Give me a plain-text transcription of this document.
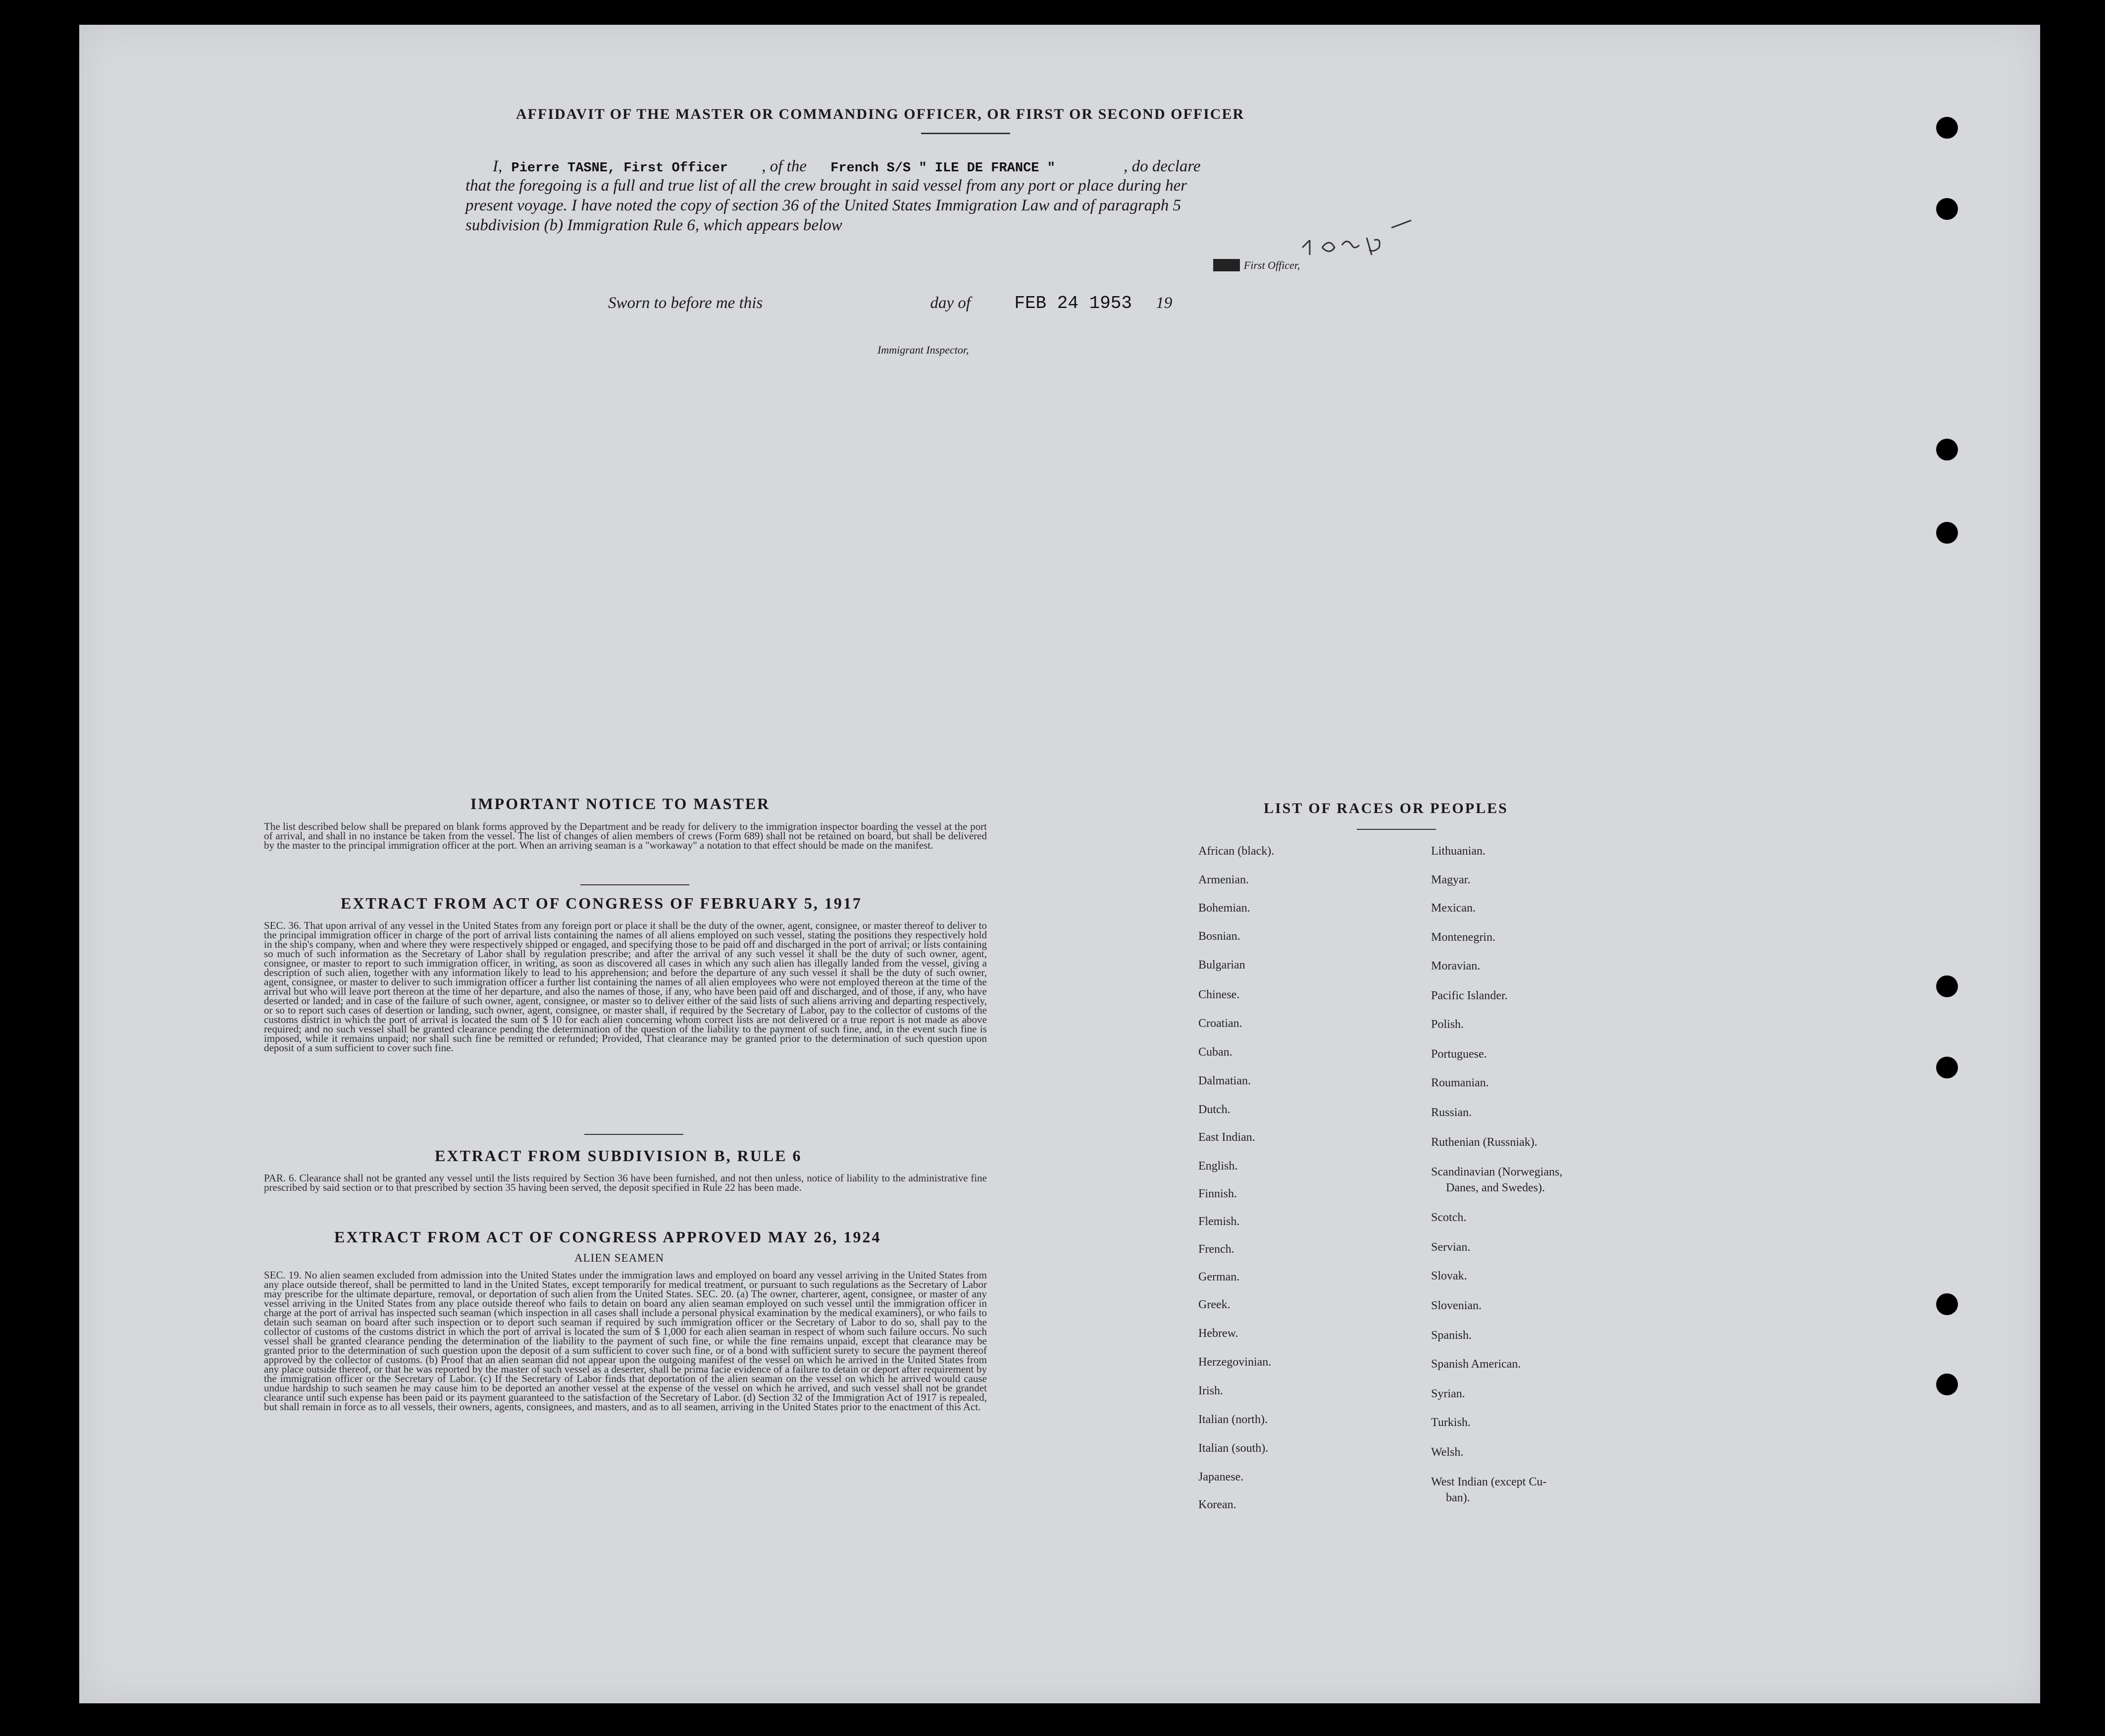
AFFIDAVIT OF THE MASTER OR COMMANDING OFFICER, OR FIRST OR SECOND OFFICER
I, Pierre TASNE, First Officer , of the French S/S " ILE DE FRANCE "	, do declare
that the foregoing is a full and true list of all the crew brought in said vessel from any port or place during her
present voyage. I have noted the copy of section 36 of the United States Immigration Law and of paragraph 5
subdivision (b) Immigration Rule 6, which appears below
XXXX First Officer,
Sworn to before me this	day of FEB 24 1953 19
Immigrant Inspector,
IMPORTANT NOTICE TO MASTER
The list described below shall be prepared on blank forms approved by the Department and be ready for delivery to the immigration inspector boarding the vessel at the port of arrival, and shall in no instance be taken from the vessel. The list of changes of alien members of crews (Form 689) shall not be retained on board, but shall be delivered by the master to the principal immigration officer at the port. When an arriving seaman is a "workaway" a notation to that effect should be made on the manifest.
EXTRACT FROM ACT OF CONGRESS OF FEBRUARY 5, 1917
SEC. 36. That upon arrival of any vessel in the United States from any foreign port or place it shall be the duty of the owner, agent, consignee, or master thereof to deliver to the principal immigration officer in charge of the port of arrival lists containing the names of all aliens employed on such vessel, stating the positions they respectively hold in the ship's company, when and where they were respectively shipped or engaged, and specifying those to be paid off and discharged in the port of arrival; or lists containing so much of such information as the Secretary of Labor shall by regulation prescribe; and after the arrival of any such vessel it shall be the duty of such owner, agent, consignee, or master to report to such immigration officer, in writing, as soon as discovered all cases in which any such alien has illegally landed from the vessel, giving a description of such alien, together with any information likely to lead to his apprehension; and before the departure of any such vessel it shall be the duty of such owner, agent, consignee, or master to deliver to such immigration officer a further list containing the names of all alien employees who were not employed thereon at the time of the arrival but who will leave port thereon at the time of her departure, and also the names of those, if any, who have been paid off and discharged, and of those, if any, who have deserted or landed; and in case of the failure of such owner, agent, consignee, or master so to deliver either of the said lists of such aliens arriving and departing respectively, or so to report such cases of desertion or landing, such owner, agent, consignee, or master shall, if required by the Secretary of Labor, pay to the collector of customs of the customs district in which the port of arrival is located the sum of $ 10 for each alien concerning whom correct lists are not delivered or a true report is not made as above required; and no such vessel shall be granted clearance pending the determination of the question of the liability to the payment of such fine, and, in the event such fine is imposed, while it remains unpaid; nor shall such fine be remitted or refunded; Provided, That clearance may be granted prior to the determination of such question upon deposit of a sum sufficient to cover such fine.
EXTRACT FROM SUBDIVISION B, RULE 6
PAR. 6. Clearance shall not be granted any vessel until the lists required by Section 36 have been furnished, and not then unless, notice of liability to the administrative fine prescribed by said section or to that prescribed by section 35 having been served, the deposit specified in Rule 22 has been made.
EXTRACT FROM ACT OF CONGRESS APPROVED MAY 26, 1924
ALIEN SEAMEN
SEC. 19. No alien seamen excluded from admission into the United States under the immigration laws and employed on board any vessel arriving in the United States from any place outside thereof, shall be permitted to land in the United States, except temporarily for medical treatment, or pursuant to such regulations as the Secretary of Labor may prescribe for the ultimate departure, removal, or deportation of such alien from the United States. SEC. 20. (a) The owner, charterer, agent, consignee, or master of any vessel arriving in the United States from any place outside thereof who fails to detain on board any alien seaman employed on such vessel until the immigration officer in charge at the port of arrival has inspected such seaman (which inspection in all cases shall include a personal physical examination by the medical examiners), or who fails to detain such seaman on board after such inspection or to deport such seaman if required by such immigration officer or the Secretary of Labor to do so, shall pay to the collector of customs of the customs district in which the port of arrival is located the sum of $ 1,000 for each alien seaman in respect of whom such failure occurs. No such vessel shall be granted clearance pending the determination of the liability to the payment of such fine, or while the fine remains unpaid, except that clearance may be granted prior to the determination of such question upon the deposit of a sum sufficient to cover such fine, or of a bond with sufficient surety to secure the payment thereof approved by the collector of customs. (b) Proof that an alien seaman did not appear upon the outgoing manifest of the vessel on which he arrived in the United States from any place outside thereof, or that he was reported by the master of such vessel as a deserter, shall be prima facie evidence of a failure to detain or deport after requirement by the immigration officer or the Secretary of Labor. (c) If the Secretary of Labor finds that deportation of the alien seaman on the vessel on which he arrived would cause undue hardship to such seamen he may cause him to be deported an another vessel at the expense of the vessel on which he arrived, and such vessel shall not be grandet clearance until such expense has been paid or its payment guaranteed to the satisfaction of the Secretary of Labor. (d) Section 32 of the Immigration Act of 1917 is repealed, but shall remain in force as to all vessels, their owners, agents, consignees, and masters, and as to all seamen, arriving in the United States prior to the enactment of this Act.
LIST OF RACES OR PEOPLES
African (black).
Armenian.
Bohemian.
Bosnian.
Bulgarian
Chinese.
Croatian.
Cuban.
Dalmatian.
Dutch.
East Indian.
English.
Finnish.
Flemish.
French.
German.
Greek.
Hebrew.
Herzegovinian.
Irish.
Italian (north).
Italian (south).
Japanese.
Korean.
Lithuanian.
Magyar.
Mexican.
Montenegrin.
Moravian.
Pacific Islander.
Polish.
Portuguese.
Roumanian.
Russian.
Ruthenian (Russniak).
Scandinavian (Norwegians,
Danes, and Swedes).
Scotch.
Servian.
Slovak.
Slovenian.
Spanish.
Spanish American.
Syrian.
Turkish.
Welsh.
West Indian (except Cu-
ban).
